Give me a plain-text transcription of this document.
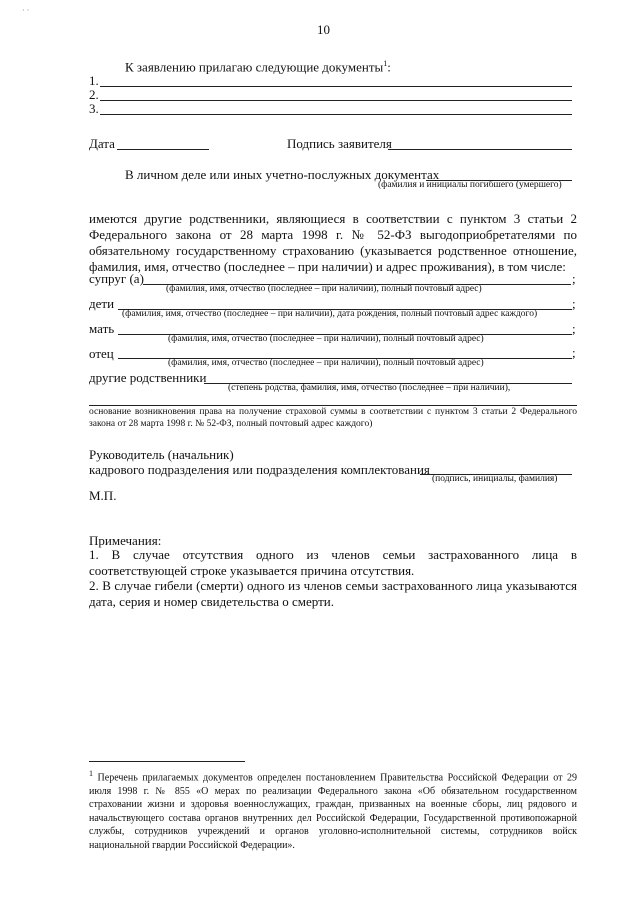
· ·
10
К заявлению прилагаю следующие документы$^1$:
1.
2.
3.
Дата	Подпись заявителя
В личном деле или иных учетно-послужных документах
(фамилия и инициалы погибшего (умершего)
имеются другие родственники, являющиеся в соответствии с пунктом 3 статьи 2 Федерального закона от 28 марта 1998 г. № 52-ФЗ выгодоприобретателями по обязательному государственному страхованию (указывается родственное отношение, фамилия, имя, отчество (последнее – при наличии) и адрес проживания), в том числе:
супруг (а)	;
(фамилия, имя, отчество (последнее – при наличии), полный почтовый адрес)
дети	;
(фамилия, имя, отчество (последнее – при наличии), дата рождения, полный почтовый адрес каждого)
мать	;
(фамилия, имя, отчество (последнее – при наличии), полный почтовый адрес)
отец	;
(фамилия, имя, отчество (последнее – при наличии), полный почтовый адрес)
другие родственники
(степень родства, фамилия, имя, отчество (последнее – при наличии),
основание возникновения права на получение страховой суммы в соответствии с пунктом 3 статьи 2 Федерального закона от 28 марта 1998 г. № 52-ФЗ, полный почтовый адрес каждого)
Руководитель (начальник)
кадрового подразделения или подразделения комплектования
(подпись, инициалы, фамилия)
М.П.
Примечания:
1. В случае отсутствия одного из членов семьи застрахованного лица в соответствующей строке указывается причина отсутствия.
2. В случае гибели (смерти) одного из членов семьи застрахованного лица указываются дата, серия и номер свидетельства о смерти.
$^1$ Перечень прилагаемых документов определен постановлением Правительства Российской Федерации от 29 июля 1998 г. № 855 «О мерах по реализации Федерального закона «Об обязательном государственном страховании жизни и здоровья военнослужащих, граждан, призванных на военные сборы, лиц рядового и начальствующего состава органов внутренних дел Российской Федерации, Государственной противопожарной службы, сотрудников учреждений и органов уголовно-исполнительной системы, сотрудников войск национальной гвардии Российской Федерации».
